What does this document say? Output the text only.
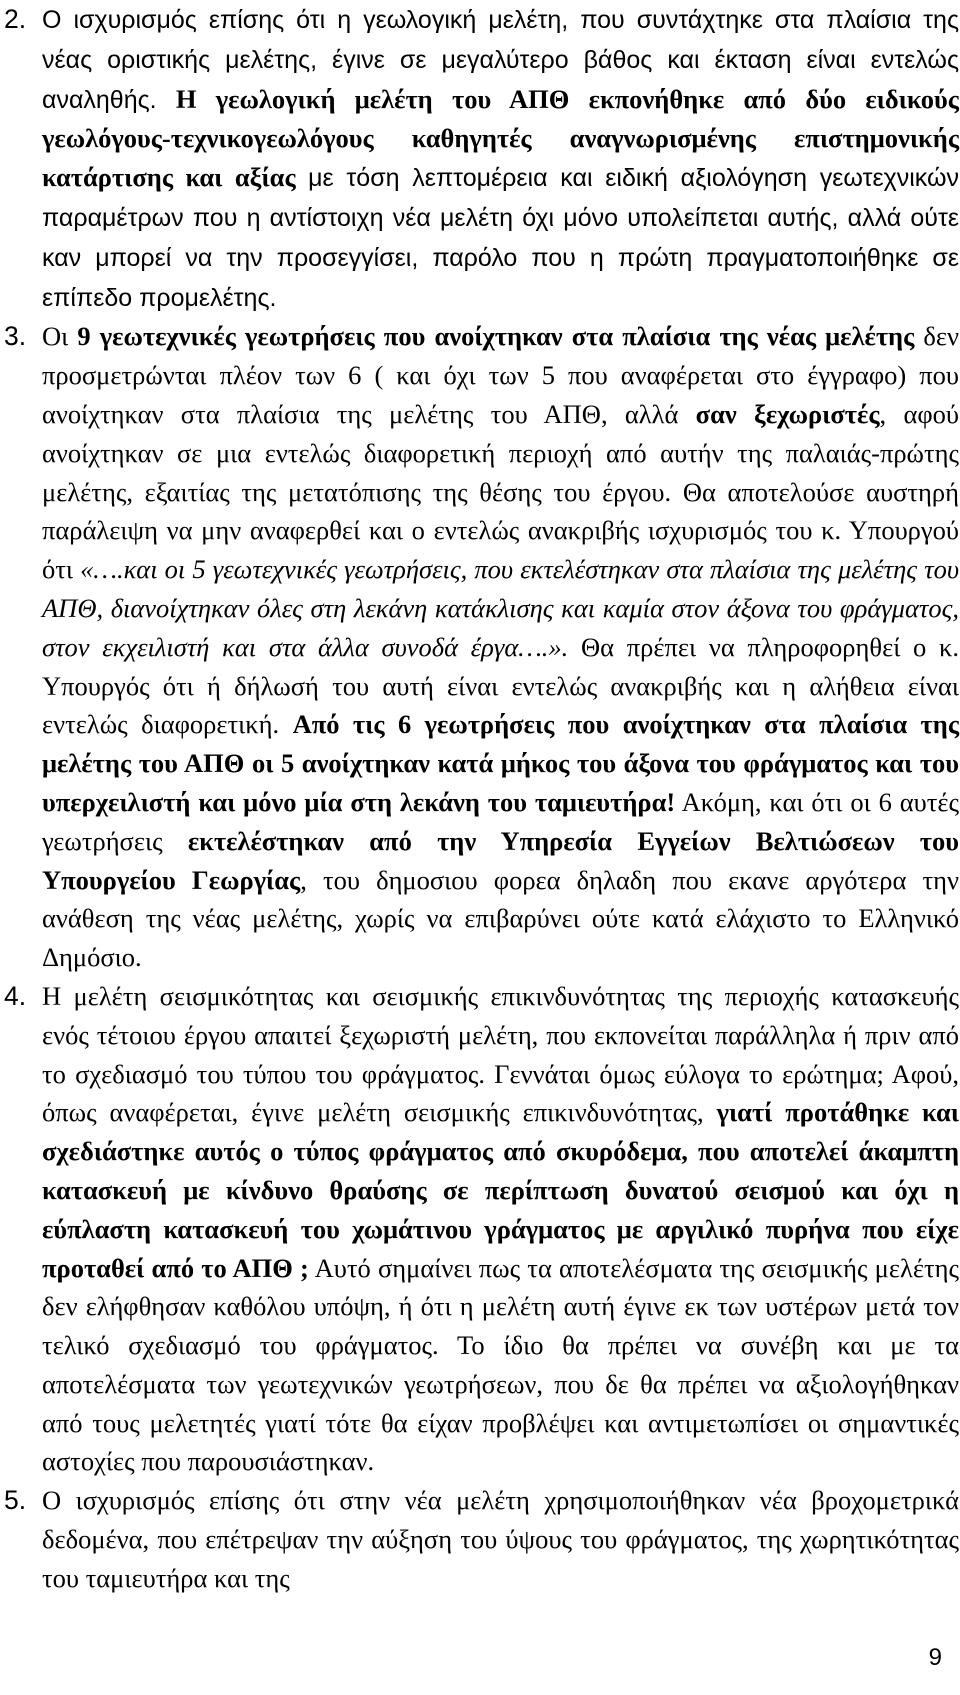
2. Ο ισχυρισμός επίσης ότι η γεωλογική μελέτη, που συντάχτηκε στα πλαίσια της νέας οριστικής μελέτης, έγινε σε μεγαλύτερο βάθος και έκταση είναι εντελώς αναληθής. Η γεωλογική μελέτη του ΑΠΘ εκπονήθηκε από δύο ειδικούς γεωλόγους-τεχνικογεωλόγους καθηγητές αναγνωρισμένης επιστημονικής κατάρτισης και αξίας με τόση λεπτομέρεια και ειδική αξιολόγηση γεωτεχνικών παραμέτρων που η αντίστοιχη νέα μελέτη όχι μόνο υπολείπεται αυτής, αλλά ούτε καν μπορεί να την προσεγγίσει, παρόλο που η πρώτη πραγματοποιήθηκε σε επίπεδο προμελέτης.
3. Οι 9 γεωτεχνικές γεωτρήσεις που ανοίχτηκαν στα πλαίσια της νέας μελέτης δεν προσμετρώνται πλέον των 6 ( και όχι των 5 που αναφέρεται στο έγγραφο) που ανοίχτηκαν στα πλαίσια της μελέτης του ΑΠΘ, αλλά σαν ξεχωριστές, αφού ανοίχτηκαν σε μια εντελώς διαφορετική περιοχή από αυτήν της παλαιάς-πρώτης μελέτης, εξαιτίας της μετατόπισης της θέσης του έργου. Θα αποτελούσε αυστηρή παράλειψη να μην αναφερθεί και ο εντελώς ανακριβής ισχυρισμός του κ. Υπουργού ότι «….και οι 5 γεωτεχνικές γεωτρήσεις, που εκτελέστηκαν στα πλαίσια της μελέτης του ΑΠΘ, διανοίχτηκαν όλες στη λεκάνη κατάκλισης και καμία στον άξονα του φράγματος, στον εκχειλιστή και στα άλλα συνοδά έργα….». Θα πρέπει να πληροφορηθεί ο κ. Υπουργός ότι ή δήλωσή του αυτή είναι εντελώς ανακριβής και η αλήθεια είναι εντελώς διαφορετική. Από τις 6 γεωτρήσεις που ανοίχτηκαν στα πλαίσια της μελέτης του ΑΠΘ οι 5 ανοίχτηκαν κατά μήκος του άξονα του φράγματος και του υπερχειλιστή και μόνο μία στη λεκάνη του ταμιευτήρα! Ακόμη, και ότι οι 6 αυτές γεωτρήσεις εκτελέστηκαν από την Υπηρεσία Εγγείων Βελτιώσεων του Υπουργείου Γεωργίας, του δημοσιου φορεα δηλαδη που εκανε αργότερα την ανάθεση της νέας μελέτης, χωρίς να επιβαρύνει ούτε κατά ελάχιστο το Ελληνικό Δημόσιο.
4. Η μελέτη σεισμικότητας και σεισμικής επικινδυνότητας της περιοχής κατασκευής ενός τέτοιου έργου απαιτεί ξεχωριστή μελέτη, που εκπονείται παράλληλα ή πριν από το σχεδιασμό του τύπου του φράγματος. Γεννάται όμως εύλογα το ερώτημα; Αφού, όπως αναφέρεται, έγινε μελέτη σεισμικής επικινδυνότητας, γιατί προτάθηκε και σχεδιάστηκε αυτός ο τύπος φράγματος από σκυρόδεμα, που αποτελεί άκαμπτη κατασκευή με κίνδυνο θραύσης σε περίπτωση δυνατού σεισμού και όχι η εύπλαστη κατασκευή του χωμάτινου γράγματος με αργιλικό πυρήνα που είχε προταθεί από το ΑΠΘ ; Αυτό σημαίνει πως τα αποτελέσματα της σεισμικής μελέτης δεν ελήφθησαν καθόλου υπόψη, ή ότι η μελέτη αυτή έγινε εκ των υστέρων μετά τον τελικό σχεδιασμό του φράγματος. Το ίδιο θα πρέπει να συνέβη και με τα αποτελέσματα των γεωτεχνικών γεωτρήσεων, που δε θα πρέπει να αξιολογήθηκαν από τους μελετητές γιατί τότε θα είχαν προβλέψει και αντιμετωπίσει οι σημαντικές αστοχίες που παρουσιάστηκαν.
5. Ο ισχυρισμός επίσης ότι στην νέα μελέτη χρησιμοποιήθηκαν νέα βροχομετρικά δεδομένα, που επέτρεψαν την αύξηση του ύψους του φράγματος, της χωρητικότητας του ταμιευτήρα και της
9
